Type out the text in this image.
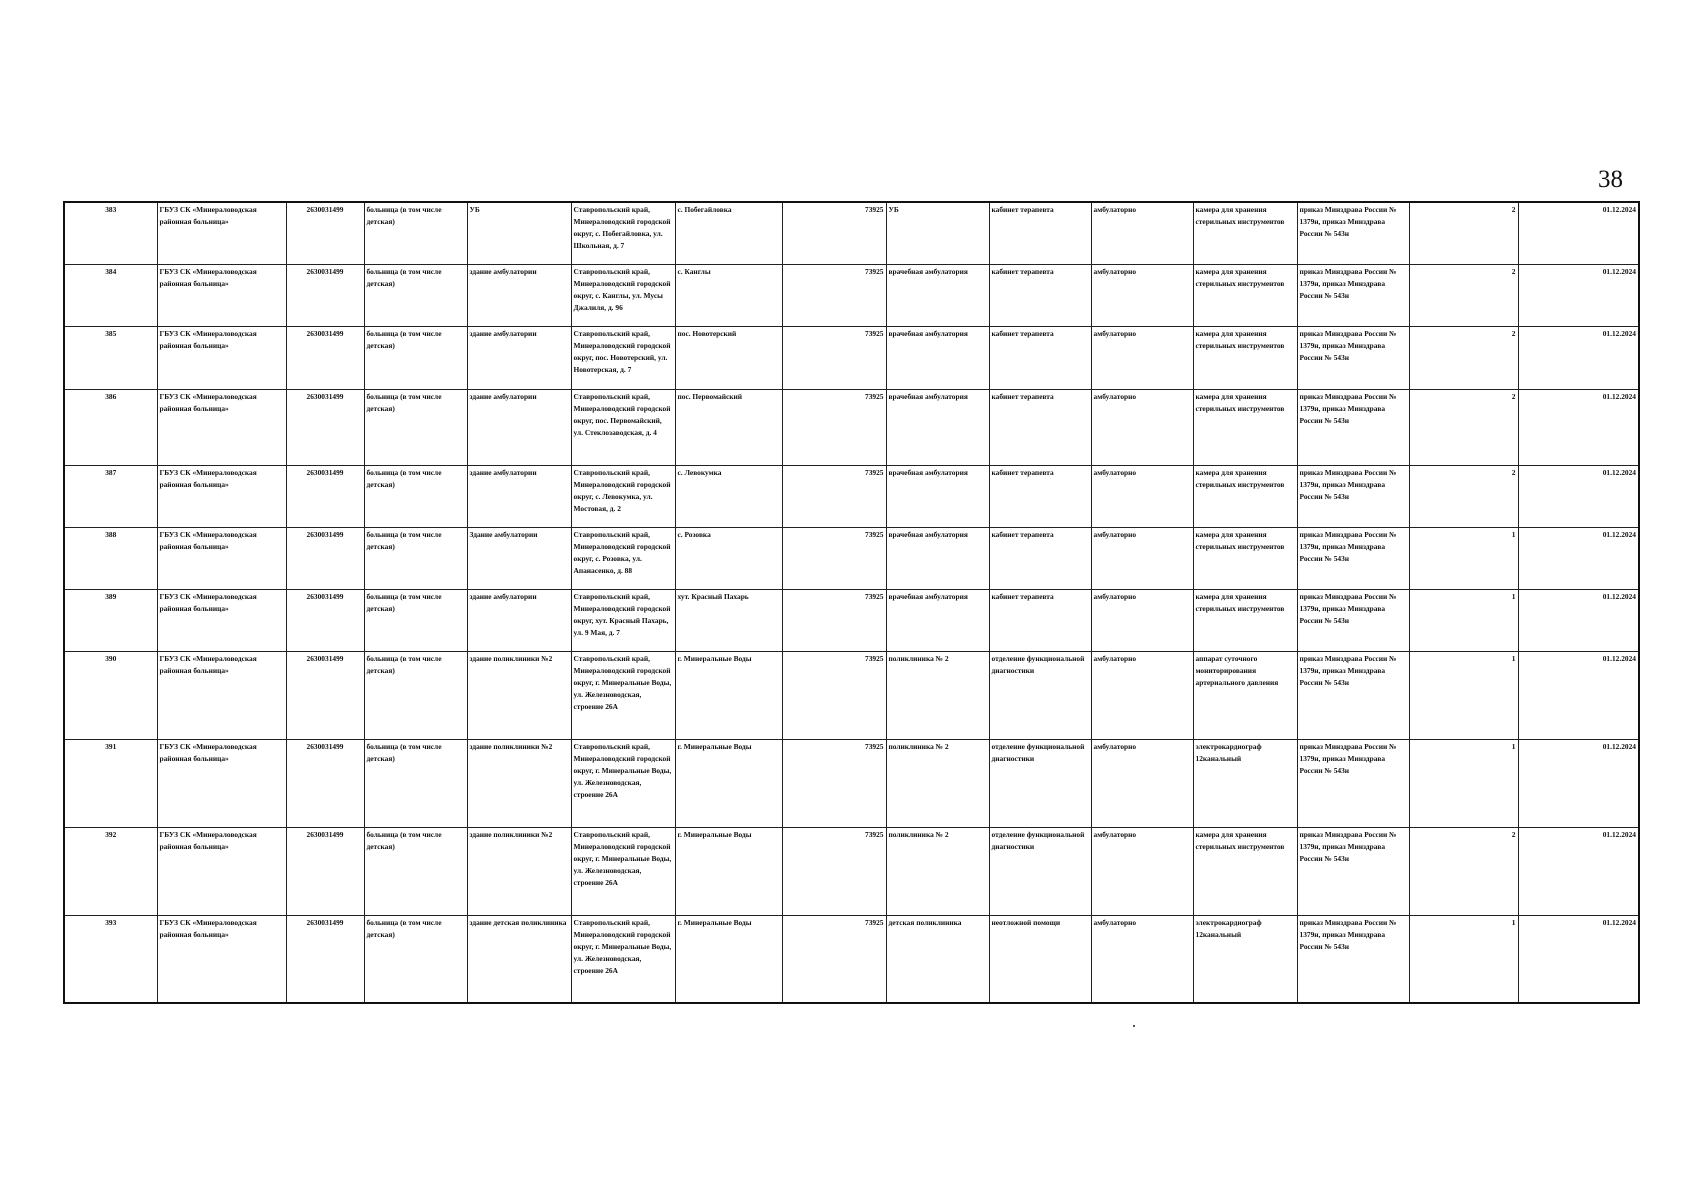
38
383	ГБУЗ СК «Минераловодская районная больница»	2630031499	больница (в том числе детская)	УБ	Ставропольский край, Минераловодский городской округ, с. Побегайловка, ул. Школьная, д. 7	с. Побегайловка	73925	УБ	кабинет терапевта	амбулаторно	камера для хранения стерильных инструментов	приказ Минздрава России № 1379н, приказ Минздрава России № 543н	2	01.12.2024
384	ГБУЗ СК «Минераловодская районная больница»	2630031499	больница (в том числе детская)	здание амбулатории	Ставропольский край, Минераловодский городской округ, с. Канглы, ул. Мусы Джалиля, д. 96	с. Канглы	73925	врачебная амбулатория	кабинет терапевта	амбулаторно	камера для хранения стерильных инструментов	приказ Минздрава России № 1379н, приказ Минздрава России № 543н	2	01.12.2024
385	ГБУЗ СК «Минераловодская районная больница»	2630031499	больница (в том числе детская)	здание амбулатории	Ставропольский край, Минераловодский городской округ, пос. Новотерский, ул. Новотерская, д. 7	пос. Новотерский	73925	врачебная амбулатория	кабинет терапевта	амбулаторно	камера для хранения стерильных инструментов	приказ Минздрава России № 1379н, приказ Минздрава России № 543н	2	01.12.2024
386	ГБУЗ СК «Минераловодская районная больница»	2630031499	больница (в том числе детская)	здание амбулатории	Ставропольский край, Минераловодский городской округ, пос. Первомайский, ул. Стеклозаводская, д. 4	пос. Первомайский	73925	врачебная амбулатория	кабинет терапевта	амбулаторно	камера для хранения стерильных инструментов	приказ Минздрава России № 1379н, приказ Минздрава России № 543н	2	01.12.2024
387	ГБУЗ СК «Минераловодская районная больница»	2630031499	больница (в том числе детская)	здание амбулатории	Ставропольский край, Минераловодский городской округ, с. Левокумка, ул. Мостовая, д. 2	с. Левокумка	73925	врачебная амбулатория	кабинет терапевта	амбулаторно	камера для хранения стерильных инструментов	приказ Минздрава России № 1379н, приказ Минздрава России № 543н	2	01.12.2024
388	ГБУЗ СК «Минераловодская районная больница»	2630031499	больница (в том числе детская)	Здание амбулатории	Ставропольский край, Минераловодский городской округ, с. Розовка, ул. Апанасенко, д. 88	с. Розовка	73925	врачебная амбулатория	кабинет терапевта	амбулаторно	камера для хранения стерильных инструментов	приказ Минздрава России № 1379н, приказ Минздрава России № 543н	1	01.12.2024
389	ГБУЗ СК «Минераловодская районная больница»	2630031499	больница (в том числе детская)	здание амбулатории	Ставропольский край, Минераловодский городской округ, хут. Красный Пахарь, ул. 9 Мая, д. 7	хут. Красный Пахарь	73925	врачебная амбулатория	кабинет терапевта	амбулаторно	камера для хранения стерильных инструментов	приказ Минздрава России № 1379н, приказ Минздрава России № 543н	1	01.12.2024
390	ГБУЗ СК «Минераловодская районная больница»	2630031499	больница (в том числе детская)	здание поликлиники №2	Ставропольский край, Минераловодский городской округ, г. Минеральные Воды, ул. Железноводская, строение 26А	г. Минеральные Воды	73925	поликлиника № 2	отделение функциональной диагностики	амбулаторно	аппарат суточного мониторирования артериального давления	приказ Минздрава России № 1379н, приказ Минздрава России № 543н	1	01.12.2024
391	ГБУЗ СК «Минераловодская районная больница»	2630031499	больница (в том числе детская)	здание поликлиники №2	Ставропольский край, Минераловодский городской округ, г. Минеральные Воды, ул. Железноводская, строение 26А	г. Минеральные Воды	73925	поликлиника № 2	отделение функциональной диагностики	амбулаторно	электрокардиограф 12канальный	приказ Минздрава России № 1379н, приказ Минздрава России № 543н	1	01.12.2024
392	ГБУЗ СК «Минераловодская районная больница»	2630031499	больница (в том числе детская)	здание поликлиники №2	Ставропольский край, Минераловодский городской округ, г. Минеральные Воды, ул. Железноводская, строение 26А	г. Минеральные Воды	73925	поликлиника № 2	отделение функциональной диагностики	амбулаторно	камера для хранения стерильных инструментов	приказ Минздрава России № 1379н, приказ Минздрава России № 543н	2	01.12.2024
393	ГБУЗ СК «Минераловодская районная больница»	2630031499	больница (в том числе детская)	здание детская поликлиника	Ставропольский край, Минераловодский городской округ, г. Минеральные Воды, ул. Железноводская, строение 26А	г. Минеральные Воды	73925	детская поликлиника	неотложной помощи	амбулаторно	электрокардиограф 12канальный	приказ Минздрава России № 1379н, приказ Минздрава России № 543н	1	01.12.2024
